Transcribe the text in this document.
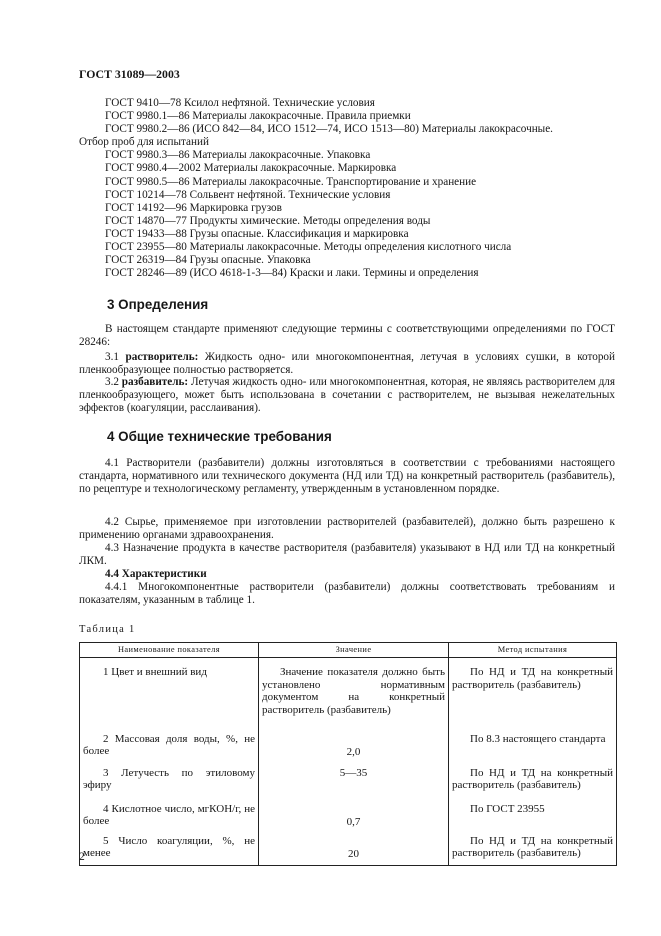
ГОСТ 31089—2003
ГОСТ 9410—78 Ксилол нефтяной. Технические условия
ГОСТ 9980.1—86 Материалы лакокрасочные. Правила приемки
ГОСТ 9980.2—86 (ИСО 842—84, ИСО 1512—74, ИСО 1513—80) Материалы лакокрасочные.
Отбор проб для испытаний
ГОСТ 9980.3—86 Материалы лакокрасочные. Упаковка
ГОСТ 9980.4—2002 Материалы лакокрасочные. Маркировка
ГОСТ 9980.5—86 Материалы лакокрасочные. Транспортирование и хранение
ГОСТ 10214—78 Сольвент нефтяной. Технические условия
ГОСТ 14192—96 Маркировка грузов
ГОСТ 14870—77 Продукты химические. Методы определения воды
ГОСТ 19433—88 Грузы опасные. Классификация и маркировка
ГОСТ 23955—80 Материалы лакокрасочные. Методы определения кислотного числа
ГОСТ 26319—84 Грузы опасные. Упаковка
ГОСТ 28246—89 (ИСО 4618-1-3—84) Краски и лаки. Термины и определения
3 Определения
В настоящем стандарте применяют следующие термины с соответствующими определениями по ГОСТ 28246:
3.1 растворитель: Жидкость одно- или многокомпонентная, летучая в условиях сушки, в которой пленкообразующее полностью растворяется.
3.2 разбавитель: Летучая жидкость одно- или многокомпонентная, которая, не являясь растворителем для пленкообразующего, может быть использована в сочетании с растворителем, не вызывая нежелательных эффектов (коагуляции, расслаивания).
4 Общие технические требования
4.1 Растворители (разбавители) должны изготовляться в соответствии с требованиями настоящего стандарта, нормативного или технического документа (НД или ТД) на конкретный растворитель (разбавитель), по рецептуре и технологическому регламенту, утвержденным в установленном порядке.
4.2 Сырье, применяемое при изготовлении растворителей (разбавителей), должно быть разрешено к применению органами здравоохранения.
4.3 Назначение продукта в качестве растворителя (разбавителя) указывают в НД или ТД на конкретный ЛКМ.
4.4 Характеристики
4.4.1 Многокомпонентные растворители (разбавители) должны соответствовать требованиям и показателям, указанным в таблице 1.
Таблица 1
Наименование показателя	Значение	Метод испытания

1 Цвет и внешний вид	Значение показателя должно быть установлено нормативным документом на конкретный растворитель (разбавитель)	По НД и ТД на конкретный растворитель (разбавитель)

2 Массовая доля воды, %, не более	2,0	По 8.3 настоящего стандарта

3 Летучесть по этиловому эфиру	5—35	По НД и ТД на конкретный растворитель (разбавитель)

4 Кислотное число, мгКОН/г, не более	0,7	По ГОСТ 23955

5 Число коагуляции, %, не менее	20	По НД и ТД на конкретный растворитель (разбавитель)
2
